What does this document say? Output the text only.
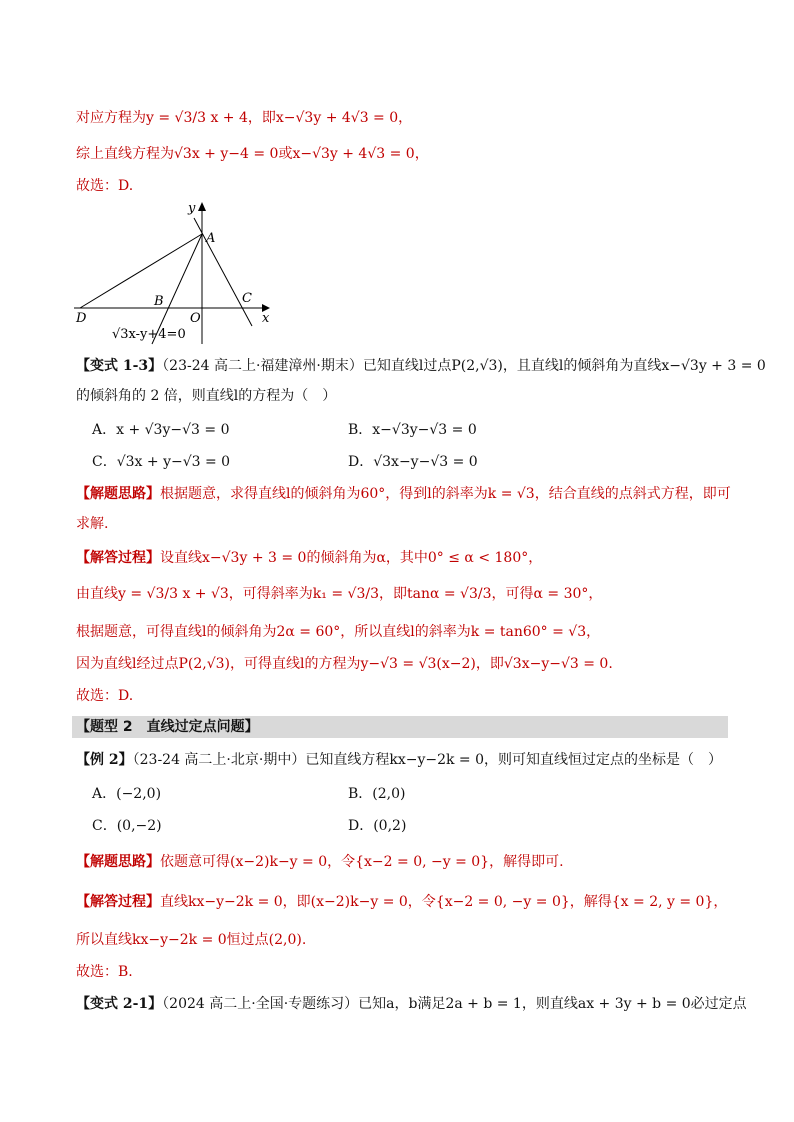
对应方程为y = √3/3 x + 4，即x−√3y + 4√3 = 0，
综上直线方程为√3x + y−4 = 0或x−√3y + 4√3 = 0，
故选：D.
y
A
B	C
D	O	x
√3x-y+4=0
【变式 1-3】（23-24 高二上·福建漳州·期末）已知直线l过点P(2,√3)，且直线l的倾斜角为直线x−√3y + 3 = 0
的倾斜角的 2 倍，则直线l的方程为（　）
A．x + √3y−√3 = 0	B．x−√3y−√3 = 0
C．√3x + y−√3 = 0	D．√3x−y−√3 = 0
【解题思路】根据题意，求得直线l的倾斜角为60°，得到l的斜率为k = √3，结合直线的点斜式方程，即可
求解.
【解答过程】设直线x−√3y + 3 = 0的倾斜角为α，其中0° ≤ α < 180°，
由直线y = √3/3 x + √3，可得斜率为k₁ = √3/3，即tanα = √3/3，可得α = 30°，
根据题意，可得直线l的倾斜角为2α = 60°，所以直线l的斜率为k = tan60° = √3，
因为直线l经过点P(2,√3)，可得直线l的方程为y−√3 = √3(x−2)，即√3x−y−√3 = 0.
故选：D.
【题型 2　直线过定点问题】
【例 2】（23-24 高二上·北京·期中）已知直线方程kx−y−2k = 0，则可知直线恒过定点的坐标是（　）
A．(−2,0)	B．(2,0)
C．(0,−2)	D．(0,2)
【解题思路】依题意可得(x−2)k−y = 0，令{x−2 = 0, −y = 0}，解得即可.
【解答过程】直线kx−y−2k = 0，即(x−2)k−y = 0，令{x−2 = 0, −y = 0}，解得{x = 2, y = 0}，
所以直线kx−y−2k = 0恒过点(2,0).
故选：B.
【变式 2-1】（2024 高二上·全国·专题练习）已知a，b满足2a + b = 1，则直线ax + 3y + b = 0必过定点
